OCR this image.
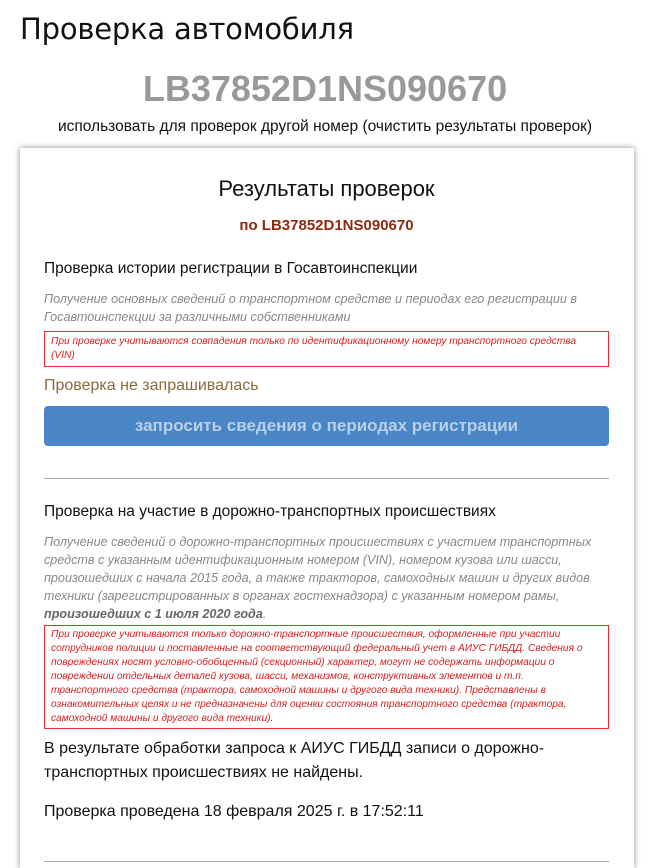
Проверка автомобиля
LB37852D1NS090670
использовать для проверок другой номер (очистить результаты проверок)
Результаты проверок
по LB37852D1NS090670
Проверка истории регистрации в Госавтоинспекции
Получение основных сведений о транспортном средстве и периодах его регистрации в Госавтоинспекции за различными собственниками
При проверке учитываются совпадения только по идентификационному номеру транспортного средства (VIN)
Проверка не запрашивалась
запросить сведения о периодах регистрации
Проверка на участие в дорожно-транспортных происшествиях
Получение сведений о дорожно-транспортных происшествиях с участием транспортных средств с указанным идентификационным номером (VIN), номером кузова или шасси, произошедших с начала 2015 года, а также тракторов, самоходных машин и других видов техники (зарегистрированных в органах гостехнадзора) с указанным номером рамы, произошедших с 1 июля 2020 года.
При проверке учитываются только дорожно-транспортные происшествия, оформленные при участии сотрудников полиции и поставленные на соответствующий федеральный учет в АИУС ГИБДД. Сведения о повреждениях носят условно-обобщенный (секционный) характер, могут не содержать информации о повреждении отдельных деталей кузова, шасси, механизмов, конструктивных элементов и т.п. транспортного средства (трактора, самоходной машины и другого вида техники). Представлены в ознакомительных целях и не предназначены для оценки состояния транспортного средства (трактора, самоходной машины и другого вида техники).
В результате обработки запроса к АИУС ГИБДД записи о дорожно-транспортных происшествиях не найдены.
Проверка проведена 18 февраля 2025 г. в 17:52:11
